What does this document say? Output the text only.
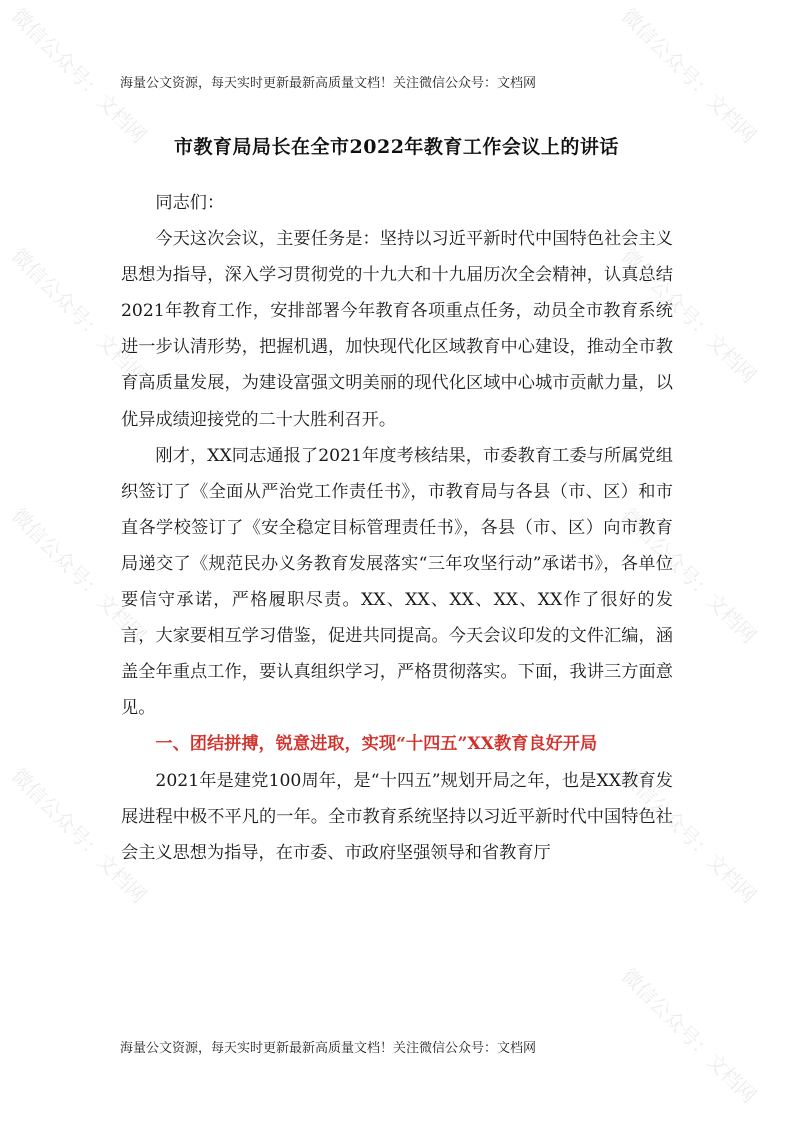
微信公众号：文档网	微信公众号：文档网
微信公众号：文档网	微信公众号：文档网
微信公众号：文档网	微信公众号：文档网
微信公众号：文档网	微信公众号：文档网
微信公众号：文档网
海量公文资源，每天实时更新最新高质量文档！关注微信公众号：文档网
市教育局局长在全市2022年教育工作会议上的讲话

同志们：

今天这次会议，主要任务是：坚持以习近平新时代中国特色社会主义思想为指导，深入学习贯彻党的十九大和十九届历次全会精神，认真总结2021年教育工作，安排部署今年教育各项重点任务，动员全市教育系统进一步认清形势，把握机遇，加快现代化区域教育中心建设，推动全市教育高质量发展，为建设富强文明美丽的现代化区域中心城市贡献力量，以优异成绩迎接党的二十大胜利召开。

刚才，XX同志通报了2021年度考核结果，市委教育工委与所属党组织签订了《全面从严治党工作责任书》，市教育局与各县（市、区）和市直各学校签订了《安全稳定目标管理责任书》，各县（市、区）向市教育局递交了《规范民办义务教育发展落实“三年攻坚行动”承诺书》，各单位要信守承诺，严格履职尽责。XX、XX、XX、XX、XX作了很好的发言，大家要相互学习借鉴，促进共同提高。今天会议印发的文件汇编，涵盖全年重点工作，要认真组织学习，严格贯彻落实。下面，我讲三方面意见。

一、团结拼搏，锐意进取，实现“十四五”XX教育良好开局

2021年是建党100周年，是“十四五”规划开局之年，也是XX教育发展进程中极不平凡的一年。全市教育系统坚持以习近平新时代中国特色社会主义思想为指导，在市委、市政府坚强领导和省教育厅

海量公文资源，每天实时更新最新高质量文档！关注微信公众号：文档网
